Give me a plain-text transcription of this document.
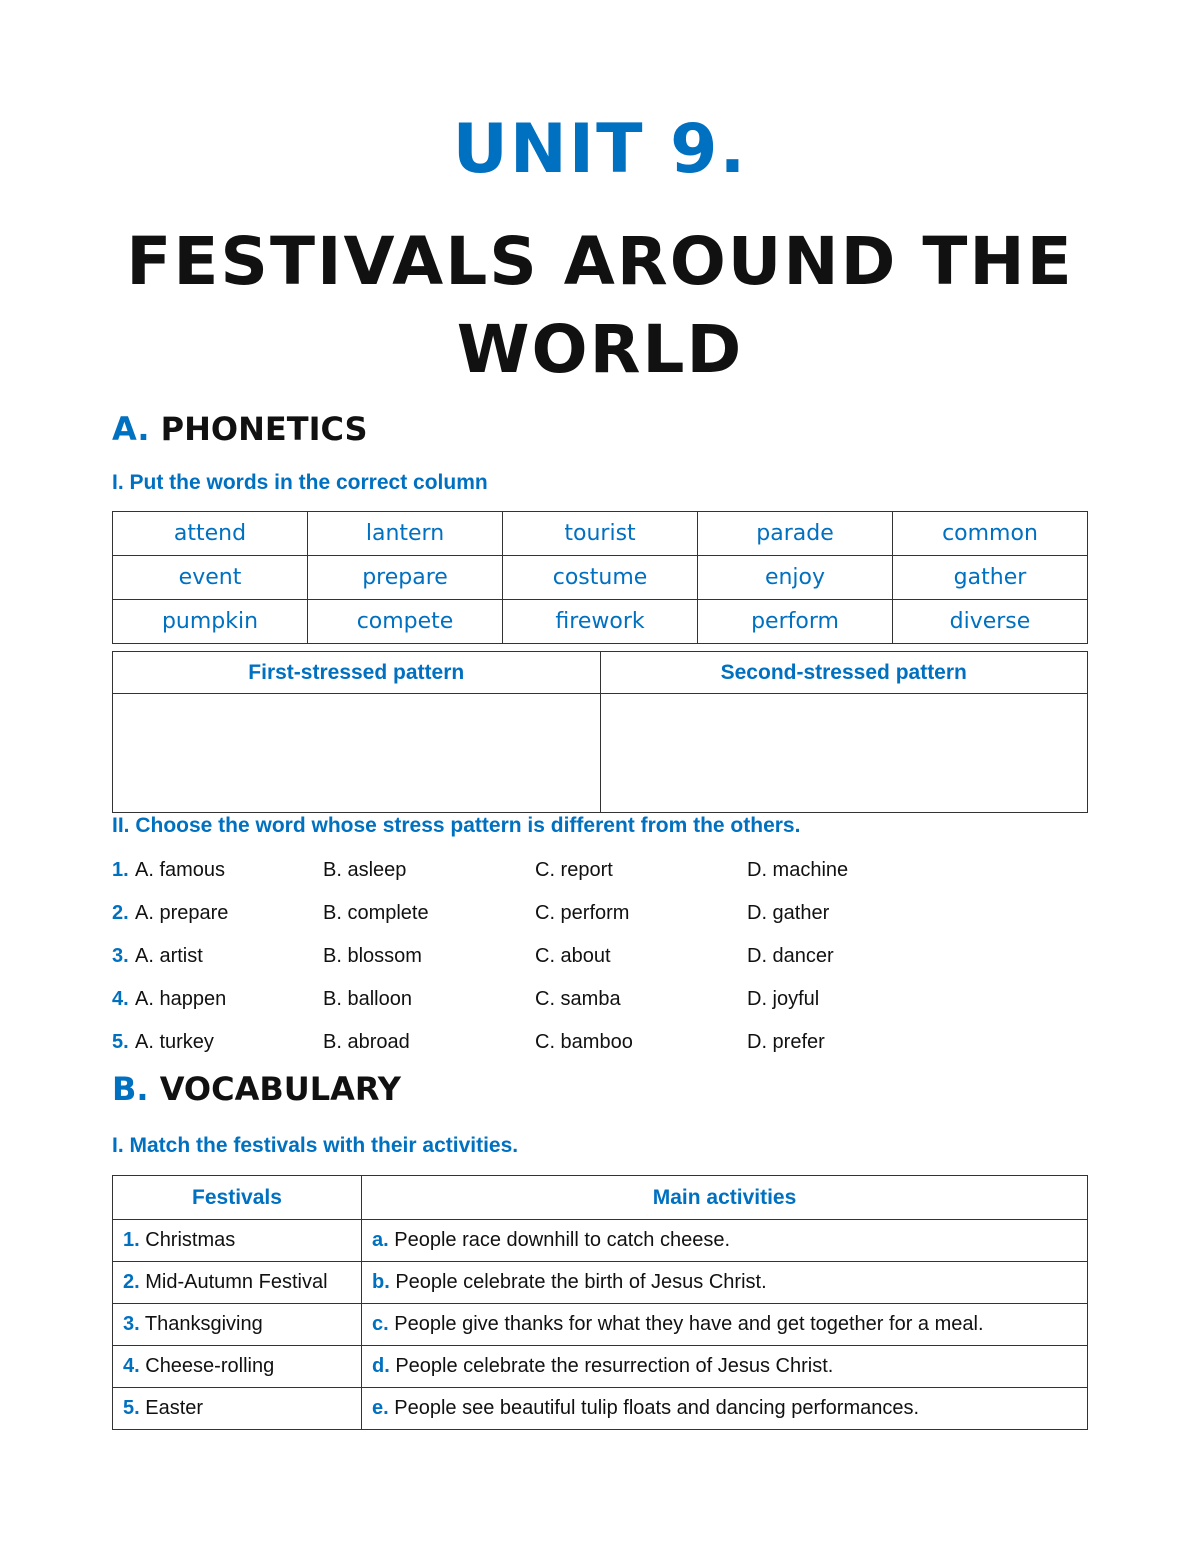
UNIT 9.
FESTIVALS AROUND THE
WORLD
A. PHONETICS
I. Put the words in the correct column
attend	lantern	tourist	parade	common
event	prepare	costume	enjoy	gather
pumpkin	compete	firework	perform	diverse
First-stressed pattern	Second-stressed pattern

II. Choose the word whose stress pattern is different from the others.
1. A. famous	B. asleep	C. report	D. machine
2. A. prepare	B. complete	C. perform	D. gather
3. A. artist	B. blossom	C. about	D. dancer
4. A. happen	B. balloon	C. samba	D. joyful
5. A. turkey	B. abroad	C. bamboo	D. prefer
B. VOCABULARY
I. Match the festivals with their activities.
Festivals	Main activities
1. Christmas	a. People race downhill to catch cheese.
2. Mid-Autumn Festival	b. People celebrate the birth of Jesus Christ.
3. Thanksgiving	c. People give thanks for what they have and get together for a meal.
4. Cheese-rolling	d. People celebrate the resurrection of Jesus Christ.
5. Easter	e. People see beautiful tulip floats and dancing performances.
